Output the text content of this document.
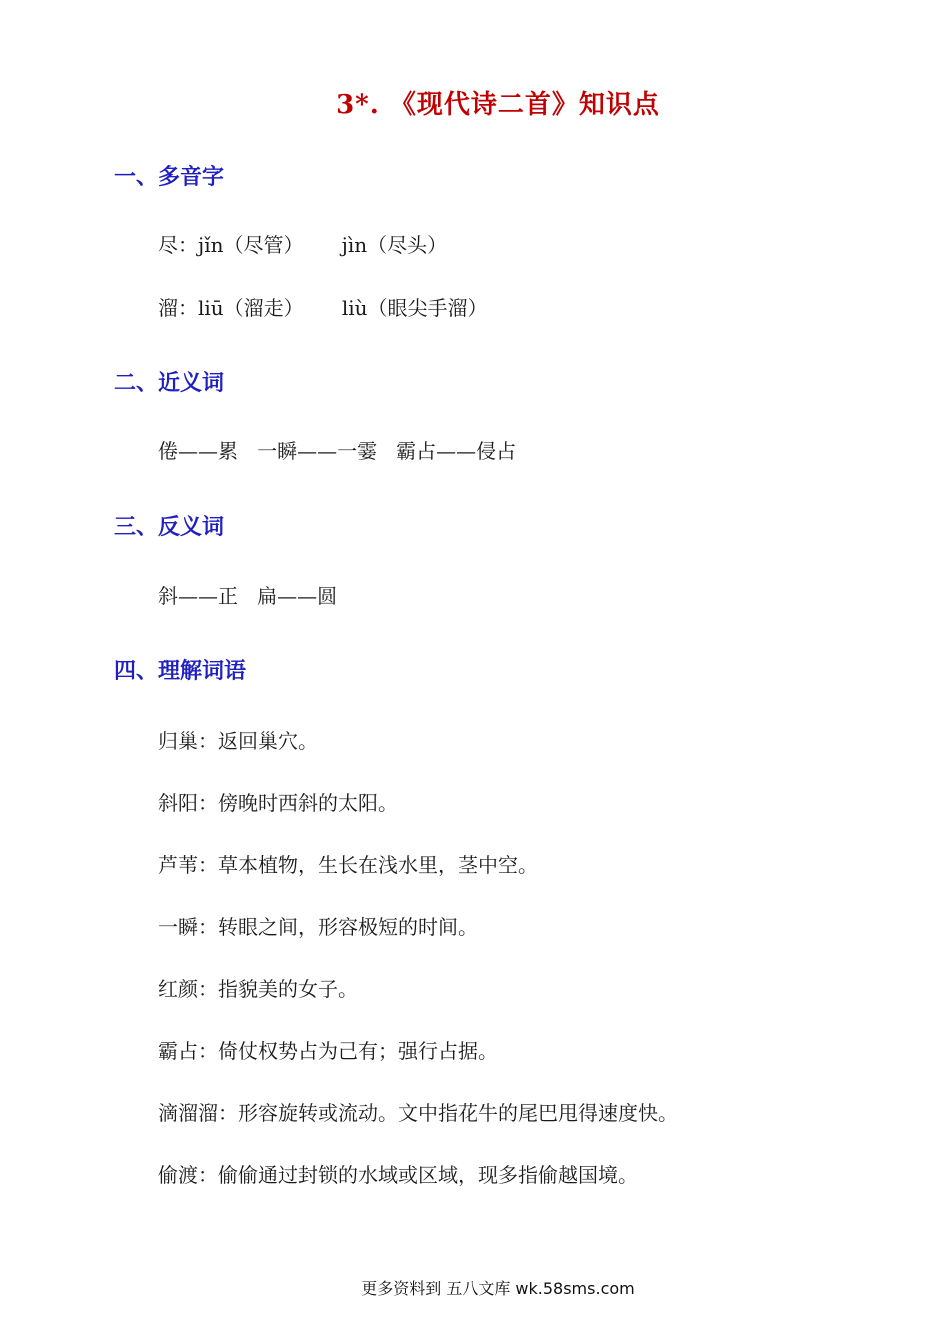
3*. 《现代诗二首》知识点
一、多音字
尽：jǐn（尽管）      jìn（尽头）
溜：liū（溜走）      liù（眼尖手溜）
二、近义词
倦——累   一瞬——一霎   霸占——侵占
三、反义词
斜——正   扁——圆
四、理解词语
归巢：返回巢穴。
斜阳：傍晚时西斜的太阳。
芦苇：草本植物，生长在浅水里，茎中空。
一瞬：转眼之间，形容极短的时间。
红颜：指貌美的女子。
霸占：倚仗权势占为己有；强行占据。
滴溜溜：形容旋转或流动。文中指花牛的尾巴甩得速度快。
偷渡：偷偷通过封锁的水域或区域，现多指偷越国境。
更多资料到 五八文库 wk.58sms.com
